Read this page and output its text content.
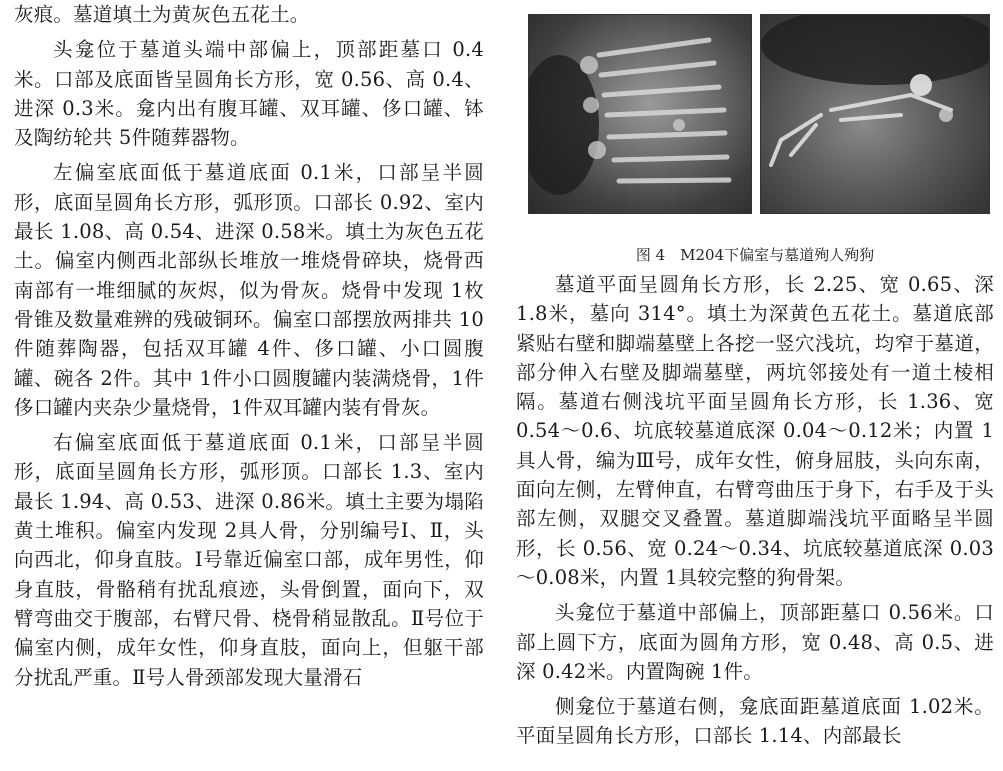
灰痕。墓道填土为黄灰色五花土。

头龛位于墓道头端中部偏上，顶部距墓口 0.4 米。口部及底面皆呈圆角长方形，宽 0.56、高 0.4、进深 0.3米。龛内出有腹耳罐、双耳罐、侈口罐、钵及陶纺轮共 5件随葬器物。

左偏室底面低于墓道底面 0.1米，口部呈半圆形，底面呈圆角长方形，弧形顶。口部长 0.92、室内最长 1.08、高 0.54、进深 0.58米。填土为灰色五花土。偏室内侧西北部纵长堆放一堆烧骨碎块，烧骨西南部有一堆细腻的灰烬，似为骨灰。烧骨中发现 1枚骨锥及数量难辨的残破铜环。偏室口部摆放两排共 10件随葬陶器，包括双耳罐 4件、侈口罐、小口圆腹罐、碗各 2件。其中 1件小口圆腹罐内装满烧骨，1件侈口罐内夹杂少量烧骨，1件双耳罐内装有骨灰。

右偏室底面低于墓道底面 0.1米，口部呈半圆形，底面呈圆角长方形，弧形顶。口部长 1.3、室内最长 1.94、高 0.53、进深 0.86米。填土主要为塌陷黄土堆积。偏室内发现 2具人骨，分别编号Ⅰ、Ⅱ，头向西北，仰身直肢。Ⅰ号靠近偏室口部，成年男性，仰身直肢，骨骼稍有扰乱痕迹，头骨倒置，面向下，双臂弯曲交于腹部，右臂尺骨、桡骨稍显散乱。Ⅱ号位于偏室内侧，成年女性，仰身直肢，面向上，但躯干部分扰乱严重。Ⅱ号人骨颈部发现大量滑石

图 4　M204下偏室与墓道殉人殉狗

墓道平面呈圆角长方形，长 2.25、宽 0.65、深 1.8米，墓向 314°。填土为深黄色五花土。墓道底部紧贴右壁和脚端墓壁上各挖一竖穴浅坑，均窄于墓道，部分伸入右壁及脚端墓壁，两坑邻接处有一道土棱相隔。墓道右侧浅坑平面呈圆角长方形，长 1.36、宽 0.54～0.6、坑底较墓道底深 0.04～0.12米；内置 1具人骨，编为Ⅲ号，成年女性，俯身屈肢，头向东南，面向左侧，左臂伸直，右臂弯曲压于身下，右手及于头部左侧，双腿交叉叠置。墓道脚端浅坑平面略呈半圆形，长 0.56、宽 0.24～0.34、坑底较墓道底深 0.03～0.08米，内置 1具较完整的狗骨架。

头龛位于墓道中部偏上，顶部距墓口 0.56米。口部上圆下方，底面为圆角方形，宽 0.48、高 0.5、进深 0.42米。内置陶碗 1件。

侧龛位于墓道右侧，龛底面距墓道底面 1.02米。平面呈圆角长方形，口部长 1.14、内部最长
